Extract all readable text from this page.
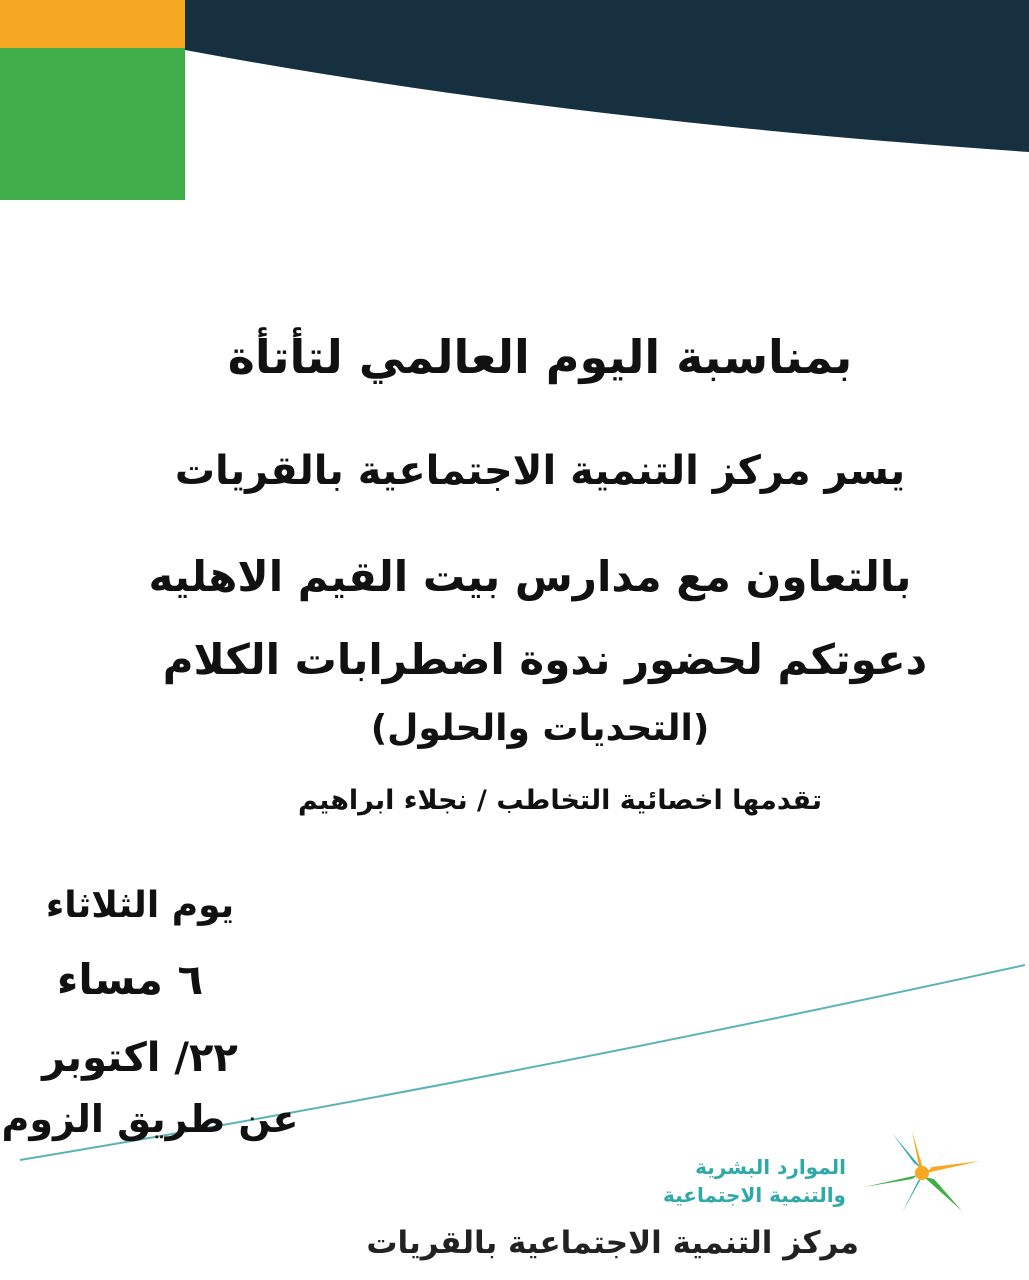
بمناسبة اليوم العالمي لتأتأة
يسر مركز التنمية الاجتماعية بالقريات
بالتعاون مع مدارس بيت القيم الاهليه
دعوتكم لحضور ندوة اضطرابات الكلام
(التحديات والحلول)
تقدمها اخصائية التخاطب / نجلاء ابراهيم
يوم الثلاثاء
٦ مساء
٢٢/ اكتوبر
عن طريق الزوم
الموارد البشرية
والتنمية الاجتماعية
مركز التنمية الاجتماعية بالقريات
